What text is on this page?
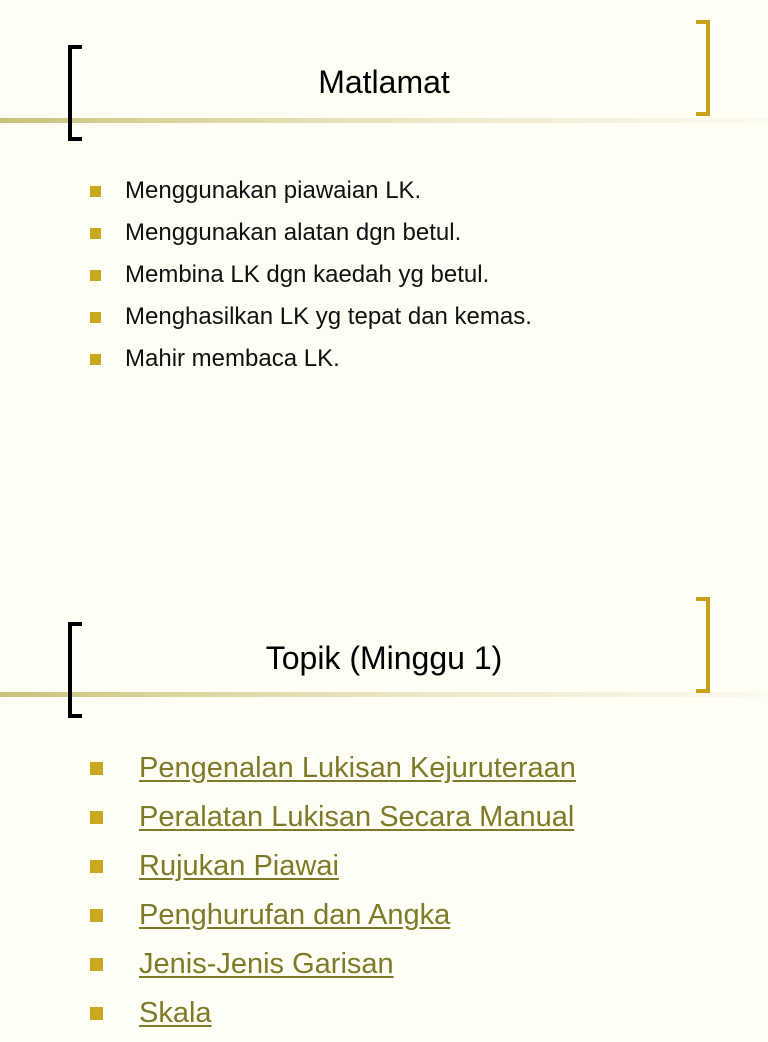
Matlamat
Menggunakan piawaian LK.
Menggunakan alatan dgn betul.
Membina LK dgn kaedah yg betul.
Menghasilkan LK yg tepat dan kemas.
Mahir membaca LK.
Topik (Minggu 1)
Pengenalan Lukisan Kejuruteraan
Peralatan Lukisan Secara Manual
Rujukan Piawai
Penghurufan dan Angka
Jenis-Jenis Garisan
Skala
